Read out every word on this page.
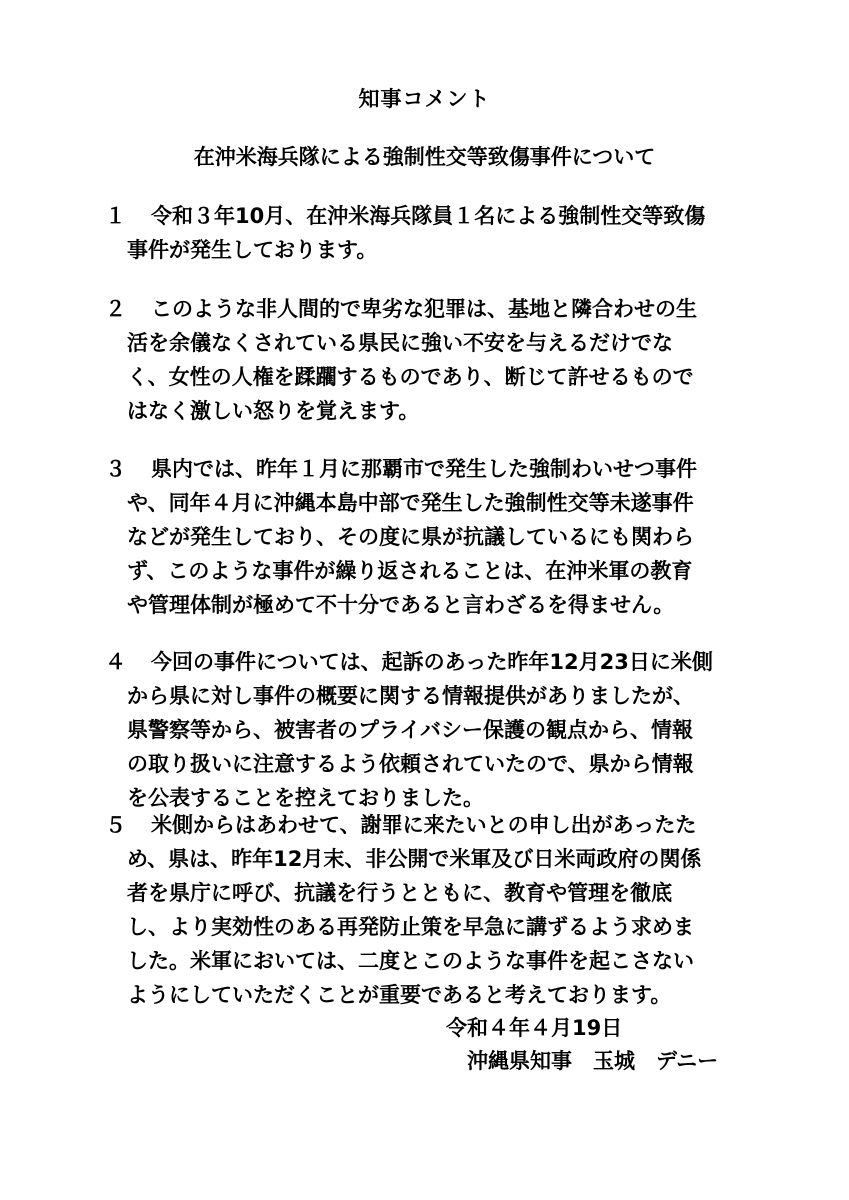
知事コメント
在沖米海兵隊による強制性交等致傷事件について
１ 令和３年10月、在沖米海兵隊員１名による強制性交等致傷
事件が発生しております。
２ このような非人間的で卑劣な犯罪は、基地と隣合わせの生
活を余儀なくされている県民に強い不安を与えるだけでな
く、女性の人権を蹂躙するものであり、断じて許せるもので
はなく激しい怒りを覚えます。
３ 県内では、昨年１月に那覇市で発生した強制わいせつ事件
や、同年４月に沖縄本島中部で発生した強制性交等未遂事件
などが発生しており、その度に県が抗議しているにも関わら
ず、このような事件が繰り返されることは、在沖米軍の教育
や管理体制が極めて不十分であると言わざるを得ません。
４ 今回の事件については、起訴のあった昨年12月23日に米側
から県に対し事件の概要に関する情報提供がありましたが、
県警察等から、被害者のプライバシー保護の観点から、情報
の取り扱いに注意するよう依頼されていたので、県から情報
を公表することを控えておりました。
５ 米側からはあわせて、謝罪に来たいとの申し出があったた
め、県は、昨年12月末、非公開で米軍及び日米両政府の関係
者を県庁に呼び、抗議を行うとともに、教育や管理を徹底
し、より実効性のある再発防止策を早急に講ずるよう求めま
した。米軍においては、二度とこのような事件を起こさない
ようにしていただくことが重要であると考えております。
令和４年４月19日
沖縄県知事　玉城　デニー
